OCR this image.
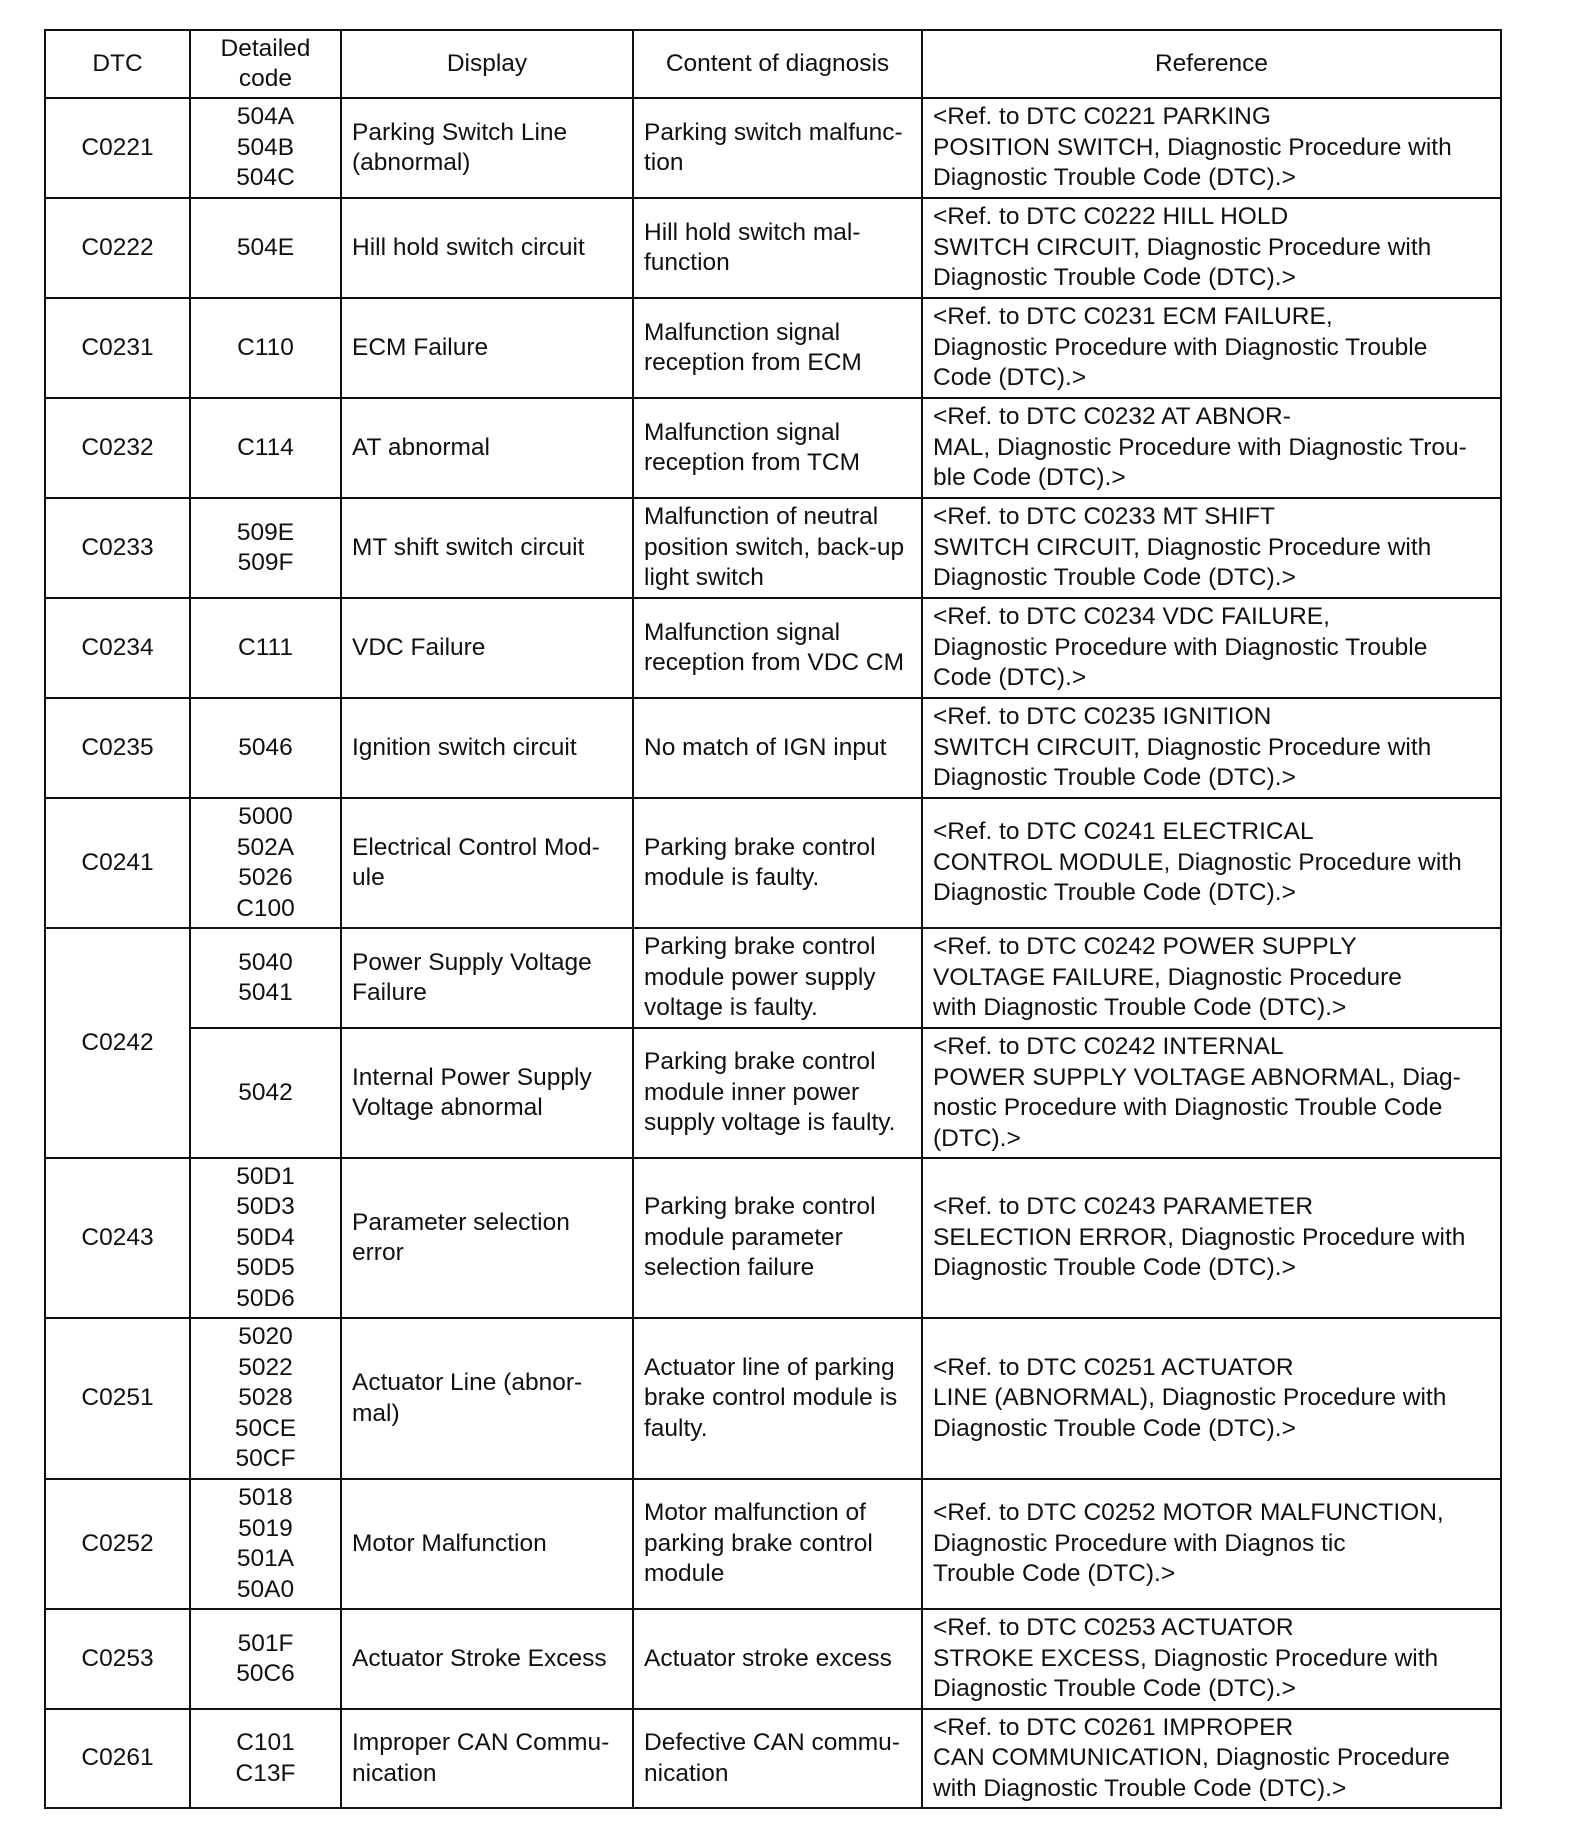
DTC	Detailed
code	Display	Content of diagnosis	Reference
C0221	504A
504B
504C	Parking Switch Line
(abnormal)	Parking switch malfunc-
tion	<Ref. to DTC C0221 PARKING
POSITION SWITCH, Diagnostic Procedure with
Diagnostic Trouble Code (DTC).>
C0222	504E	Hill hold switch circuit	Hill hold switch mal-
function	<Ref. to DTC C0222 HILL HOLD
SWITCH CIRCUIT, Diagnostic Procedure with
Diagnostic Trouble Code (DTC).>
C0231	C110	ECM Failure	Malfunction signal
reception from ECM	<Ref. to DTC C0231 ECM FAILURE,
Diagnostic Procedure with Diagnostic Trouble
Code (DTC).>
C0232	C114	AT abnormal	Malfunction signal
reception from TCM	<Ref. to DTC C0232 AT ABNOR-
MAL, Diagnostic Procedure with Diagnostic Trou-
ble Code (DTC).>
C0233	509E
509F	MT shift switch circuit	Malfunction of neutral
position switch, back-up
light switch	<Ref. to DTC C0233 MT SHIFT
SWITCH CIRCUIT, Diagnostic Procedure with
Diagnostic Trouble Code (DTC).>
C0234	C111	VDC Failure	Malfunction signal
reception from VDC CM	<Ref. to DTC C0234 VDC FAILURE,
Diagnostic Procedure with Diagnostic Trouble
Code (DTC).>
C0235	5046	Ignition switch circuit	No match of IGN input	<Ref. to DTC C0235 IGNITION
SWITCH CIRCUIT, Diagnostic Procedure with
Diagnostic Trouble Code (DTC).>
C0241	5000
502A
5026
C100	Electrical Control Mod-
ule	Parking brake control
module is faulty.	<Ref. to DTC C0241 ELECTRICAL
CONTROL MODULE, Diagnostic Procedure with
Diagnostic Trouble Code (DTC).>
C0242	5040
5041	Power Supply Voltage
Failure	Parking brake control
module power supply
voltage is faulty.	<Ref. to DTC C0242 POWER SUPPLY
VOLTAGE FAILURE, Diagnostic Procedure
with Diagnostic Trouble Code (DTC).>
	5042	Internal Power Supply
Voltage abnormal	Parking brake control
module inner power
supply voltage is faulty.	<Ref. to DTC C0242 INTERNAL
POWER SUPPLY VOLTAGE ABNORMAL, Diag-
nostic Procedure with Diagnostic Trouble Code
(DTC).>
C0243	50D1
50D3
50D4
50D5
50D6	Parameter selection
error	Parking brake control
module parameter
selection failure	<Ref. to DTC C0243 PARAMETER
SELECTION ERROR, Diagnostic Procedure with
Diagnostic Trouble Code (DTC).>
C0251	5020
5022
5028
50CE
50CF	Actuator Line (abnor-
mal)	Actuator line of parking
brake control module is
faulty.	<Ref. to DTC C0251 ACTUATOR
LINE (ABNORMAL), Diagnostic Procedure with
Diagnostic Trouble Code (DTC).>
C0252	5018
5019
501A
50A0	Motor Malfunction	Motor malfunction of
parking brake control
module	<Ref. to DTC C0252 MOTOR MALFUNCTION,
Diagnostic Procedure with Diagnos tic
Trouble Code (DTC).>
C0253	501F
50C6	Actuator Stroke Excess	Actuator stroke excess	<Ref. to DTC C0253 ACTUATOR
STROKE EXCESS, Diagnostic Procedure with
Diagnostic Trouble Code (DTC).>
C0261	C101
C13F	Improper CAN Commu-
nication	Defective CAN commu-
nication	<Ref. to DTC C0261 IMPROPER
CAN COMMUNICATION, Diagnostic Procedure
with Diagnostic Trouble Code (DTC).>
